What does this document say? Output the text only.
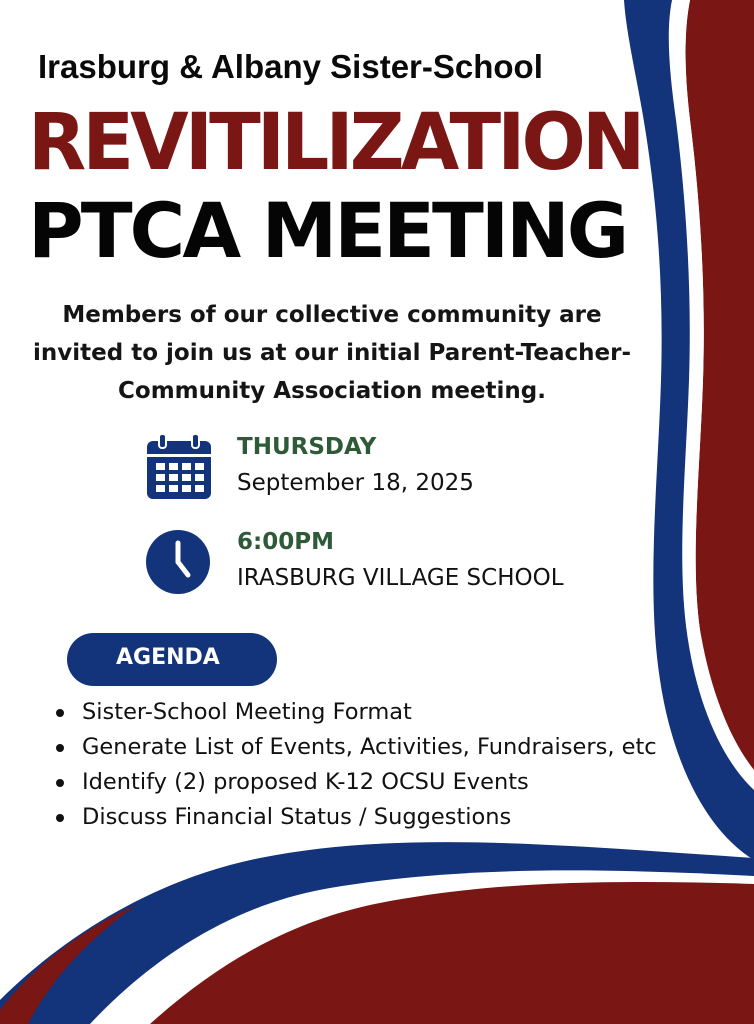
Irasburg & Albany Sister-School
REVITILIZATION
PTCA MEETING
Members of our collective community are
invited to join us at our initial Parent-Teacher-
Community Association meeting.
THURSDAY
September 18, 2025
6:00PM
IRASBURG VILLAGE SCHOOL
AGENDA
Sister-School Meeting Format
Generate List of Events, Activities, Fundraisers, etc
Identify (2) proposed K-12 OCSU Events
Discuss Financial Status / Suggestions
